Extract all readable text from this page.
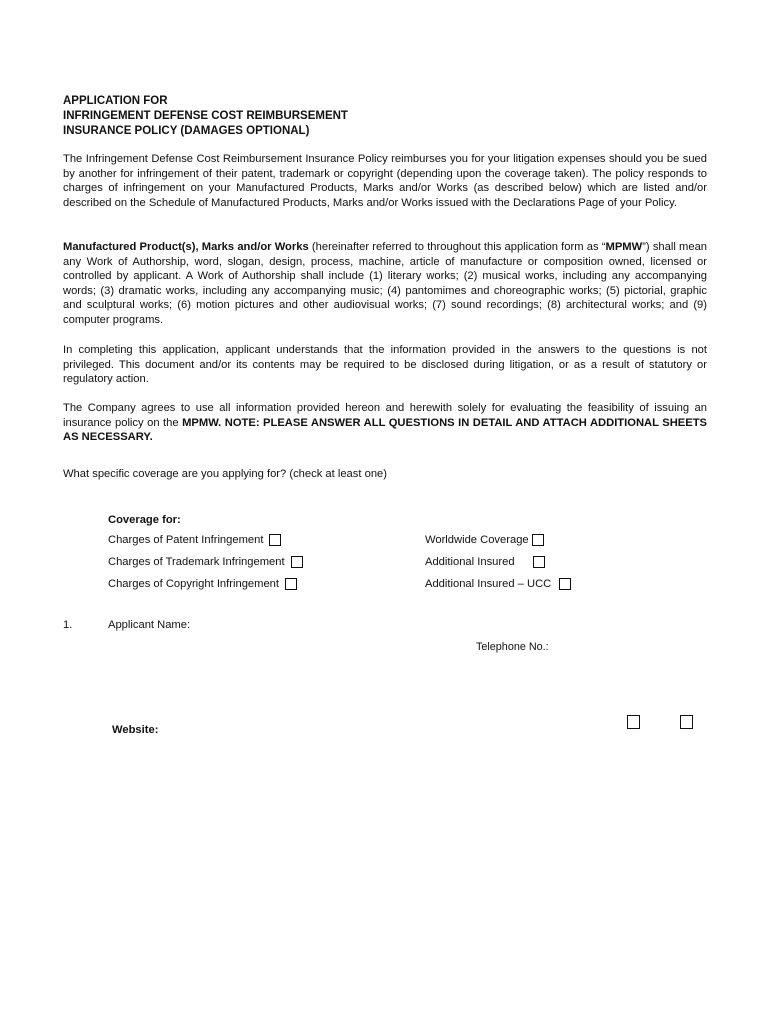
APPLICATION FOR
INFRINGEMENT DEFENSE COST REIMBURSEMENT
INSURANCE POLICY (DAMAGES OPTIONAL)
The Infringement Defense Cost Reimbursement Insurance Policy reimburses you for your litigation expenses should you be sued by another for infringement of their patent, trademark or copyright (depending upon the coverage taken). The policy responds to charges of infringement on your Manufactured Products, Marks and/or Works (as described below) which are listed and/or described on the Schedule of Manufactured Products, Marks and/or Works issued with the Declarations Page of your Policy.
Manufactured Product(s), Marks and/or Works (hereinafter referred to throughout this application form as “MPMW”) shall mean any Work of Authorship, word, slogan, design, process, machine, article of manufacture or composition owned, licensed or controlled by applicant. A Work of Authorship shall include (1) literary works; (2) musical works, including any accompanying words; (3) dramatic works, including any accompanying music; (4) pantomimes and choreographic works; (5) pictorial, graphic and sculptural works; (6) motion pictures and other audiovisual works; (7) sound recordings; (8) architectural works; and (9) computer programs.
In completing this application, applicant understands that the information provided in the answers to the questions is not privileged. This document and/or its contents may be required to be disclosed during litigation, or as a result of statutory or regulatory action.
The Company agrees to use all information provided hereon and herewith solely for evaluating the feasibility of issuing an insurance policy on the MPMW. NOTE: PLEASE ANSWER ALL QUESTIONS IN DETAIL AND ATTACH ADDITIONAL SHEETS AS NECESSARY.
What specific coverage are you applying for? (check at least one)
Coverage for:
Charges of Patent Infringement
Charges of Trademark Infringement
Charges of Copyright Infringement
Worldwide Coverage
Additional Insured
Additional Insured – UCC
1.	Applicant Name:
Telephone No.:
Website:
